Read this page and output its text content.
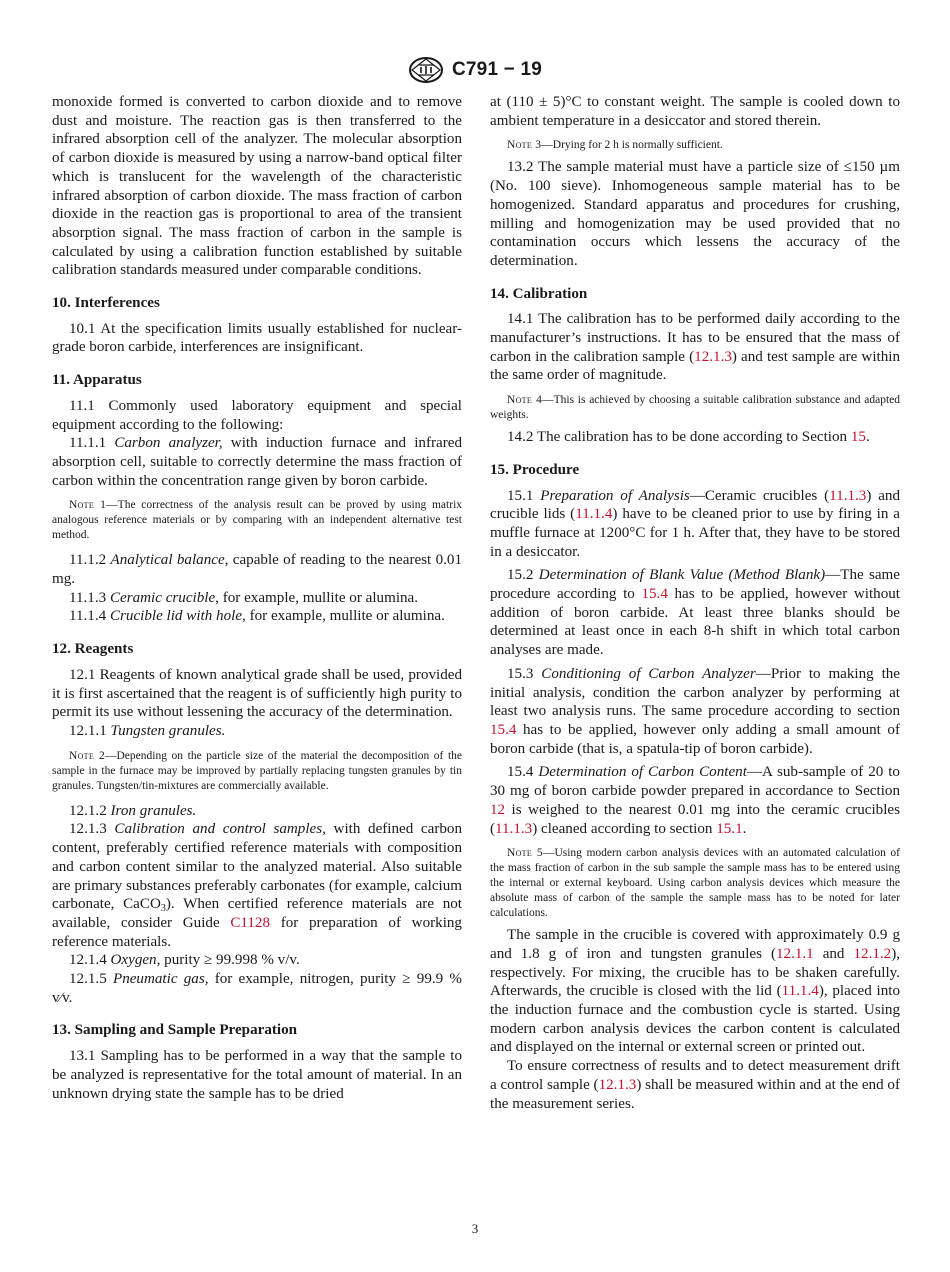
C791 − 19

monoxide formed is converted to carbon dioxide and to remove dust and moisture. The reaction gas is then transferred to the infrared absorption cell of the analyzer. The molecular absorption of carbon dioxide is measured by using a narrow-band optical filter which is translucent for the wavelength of the characteristic infrared absorption of carbon dioxide. The mass fraction of carbon dioxide in the reaction gas is proportional to area of the transient absorption signal. The mass fraction of carbon in the sample is calculated by using a calibration function established by suitable calibration standards measured under comparable conditions.

10. Interferences

10.1 At the specification limits usually established for nuclear-grade boron carbide, interferences are insignificant.

11. Apparatus

11.1 Commonly used laboratory equipment and special equipment according to the following:

11.1.1 Carbon analyzer, with induction furnace and infrared absorption cell, suitable to correctly determine the mass fraction of carbon within the concentration range given by boron carbide.

Note 1—The correctness of the analysis result can be proved by using matrix analogous reference materials or by comparing with an independent alternative test method.

11.1.2 Analytical balance, capable of reading to the nearest 0.01 mg.

11.1.3 Ceramic crucible, for example, mullite or alumina.

11.1.4 Crucible lid with hole, for example, mullite or alumina.

12. Reagents

12.1 Reagents of known analytical grade shall be used, provided it is first ascertained that the reagent is of sufficiently high purity to permit its use without lessening the accuracy of the determination.

12.1.1 Tungsten granules.

Note 2—Depending on the particle size of the material the decomposition of the sample in the furnace may be improved by partially replacing tungsten granules by tin granules. Tungsten/tin-mixtures are commercially available.

12.1.2 Iron granules.

12.1.3 Calibration and control samples, with defined carbon content, preferably certified reference materials with composition and carbon content similar to the analyzed material. Also suitable are primary substances preferably carbonates (for example, calcium carbonate, CaCO$_3$). When certified reference materials are not available, consider Guide C1128 for preparation of working reference materials.

12.1.4 Oxygen, purity ≥ 99.998 % v/v.

12.1.5 Pneumatic gas, for example, nitrogen, purity ≥ 99.9 % v⁄v.

13. Sampling and Sample Preparation

13.1 Sampling has to be performed in a way that the sample to be analyzed is representative for the total amount of material. In an unknown drying state the sample has to be dried

at (110 ± 5)°C to constant weight. The sample is cooled down to ambient temperature in a desiccator and stored therein.

Note 3—Drying for 2 h is normally sufficient.

13.2 The sample material must have a particle size of ≤150 µm (No. 100 sieve). Inhomogeneous sample material has to be homogenized. Standard apparatus and procedures for crushing, milling and homogenization may be used provided that no contamination occurs which lessens the accuracy of the determination.

14. Calibration

14.1 The calibration has to be performed daily according to the manufacturer’s instructions. It has to be ensured that the mass of carbon in the calibration sample (12.1.3) and test sample are within the same order of magnitude.

Note 4—This is achieved by choosing a suitable calibration substance and adapted weights.

14.2 The calibration has to be done according to Section 15.

15. Procedure

15.1 Preparation of Analysis—Ceramic crucibles (11.1.3) and crucible lids (11.1.4) have to be cleaned prior to use by firing in a muffle furnace at 1200°C for 1 h. After that, they have to be stored in a desiccator.

15.2 Determination of Blank Value (Method Blank)—The same procedure according to 15.4 has to be applied, however without addition of boron carbide. At least three blanks should be determined at least once in each 8-h shift in which total carbon analyses are made.

15.3 Conditioning of Carbon Analyzer—Prior to making the initial analysis, condition the carbon analyzer by performing at least two analysis runs. The same procedure according to section 15.4 has to be applied, however only adding a small amount of boron carbide (that is, a spatula-tip of boron carbide).

15.4 Determination of Carbon Content—A sub-sample of 20 to 30 mg of boron carbide powder prepared in accordance to Section 12 is weighed to the nearest 0.01 mg into the ceramic crucibles (11.1.3) cleaned according to section 15.1.

Note 5—Using modern carbon analysis devices with an automated calculation of the mass fraction of carbon in the sub sample the sample mass has to be entered using the internal or external keyboard. Using carbon analysis devices which measure the absolute mass of carbon of the sample the sample mass has to be noted for later calculations.

The sample in the crucible is covered with approximately 0.9 g and 1.8 g of iron and tungsten granules (12.1.1 and 12.1.2), respectively. For mixing, the crucible has to be shaken carefully. Afterwards, the crucible is closed with the lid (11.1.4), placed into the induction furnace and the combustion cycle is started. Using modern carbon analysis devices the carbon content is calculated and displayed on the internal or external screen or printed out.

To ensure correctness of results and to detect measurement drift a control sample (12.1.3) shall be measured within and at the end of the measurement series.

3
